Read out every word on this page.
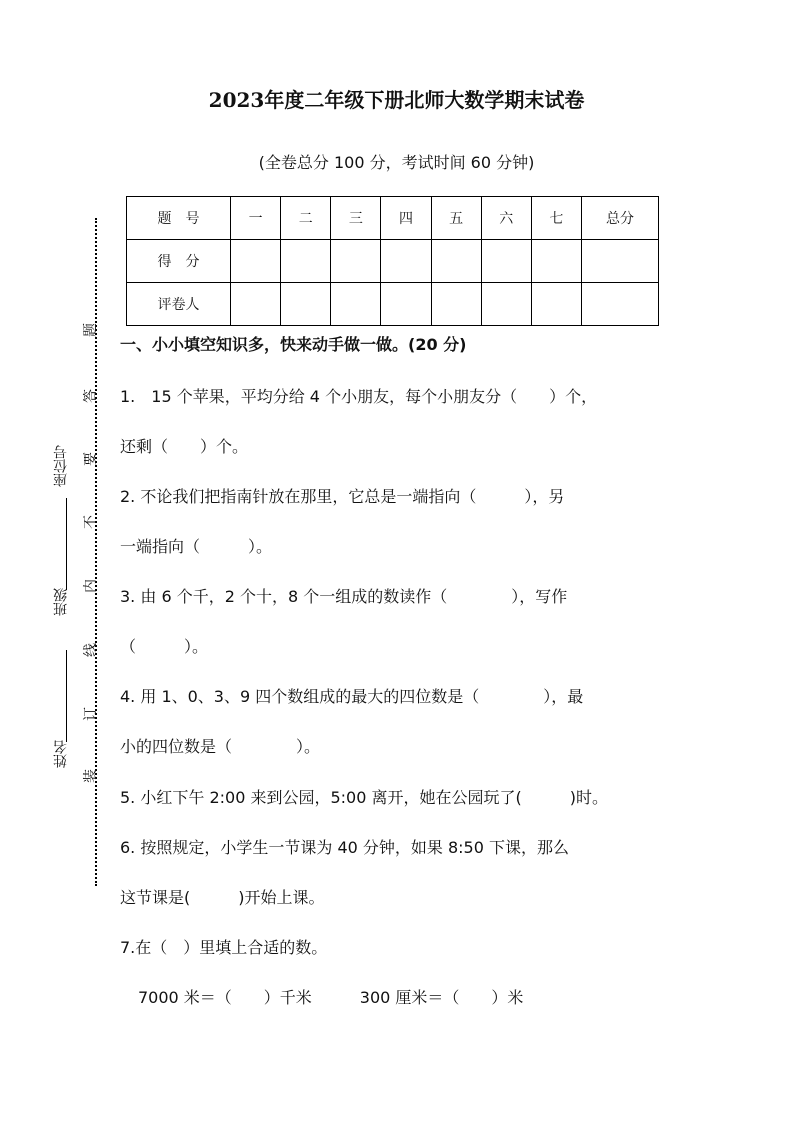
2023年度二年级下册北师大数学期末试卷
(全卷总分 100 分，考试时间 60 分钟)
题　号	一	二	三	四	五	六	七	总分
得　分								
评卷人								
题
答
要
不
内
线
订
装
座位号
班级
姓名
一、小小填空知识多，快来动手做一做。(20 分)
1.　15 个苹果，平均分给 4 个小朋友，每个小朋友分（　　）个，
还剩（　　）个。
2. 不论我们把指南针放在那里，它总是一端指向（　　　），另
一端指向（　　　）。
3. 由 6 个千，2 个十，8 个一组成的数读作（　　　　），写作
（　　　）。
4. 用 1、0、3、9 四个数组成的最大的四位数是（　　　　），最
小的四位数是（　　　　）。
5. 小红下午 2:00 来到公园，5:00 离开，她在公园玩了(　　　)时。
6. 按照规定，小学生一节课为 40 分钟，如果 8:50 下课，那么
这节课是(　　　)开始上课。
7.在（　）里填上合适的数。
7000 米＝（　　）千米　　　300 厘米＝（　　）米
